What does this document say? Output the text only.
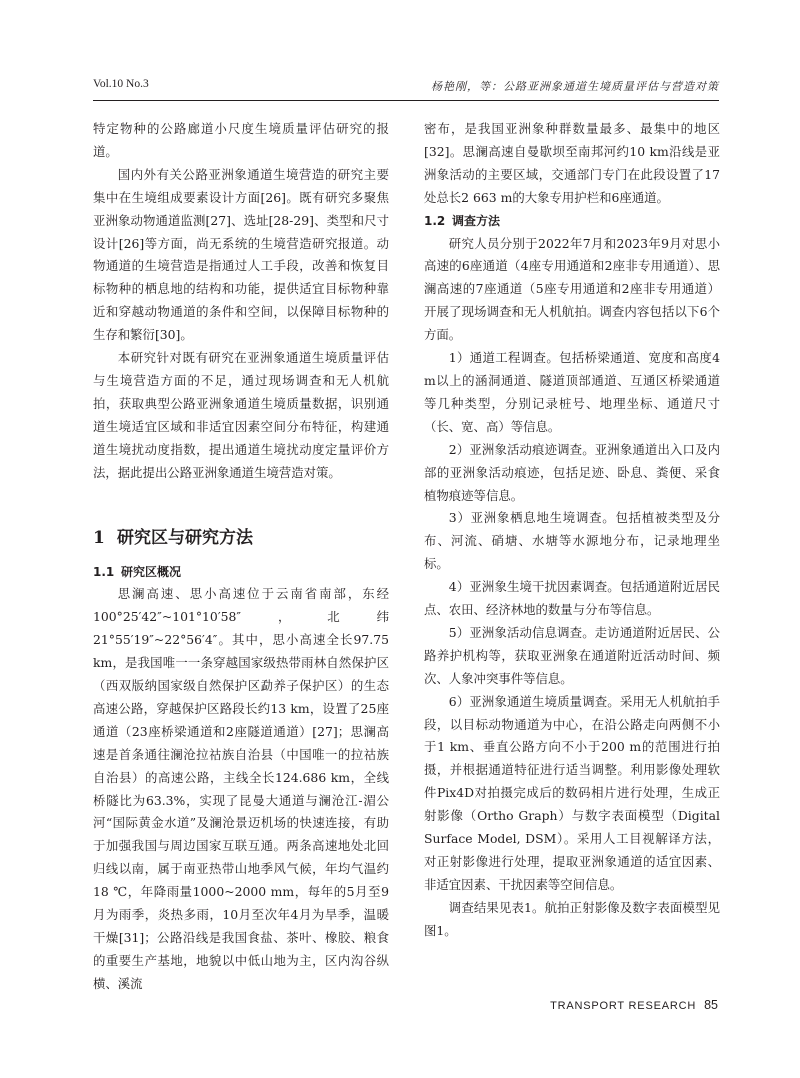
Vol.10 No.3	杨艳刚，等：公路亚洲象通道生境质量评估与营造对策

特定物种的公路廊道小尺度生境质量评估研究的报道。

国内外有关公路亚洲象通道生境营造的研究主要集中在生境组成要素设计方面[26]。既有研究多聚焦亚洲象动物通道监测[27]、选址[28-29]、类型和尺寸设计[26]等方面，尚无系统的生境营造研究报道。动物通道的生境营造是指通过人工手段，改善和恢复目标物种的栖息地的结构和功能，提供适宜目标物种靠近和穿越动物通道的条件和空间，以保障目标物种的生存和繁衍[30]。

本研究针对既有研究在亚洲象通道生境质量评估与生境营造方面的不足，通过现场调查和无人机航拍，获取典型公路亚洲象通道生境质量数据，识别通道生境适宜区域和非适宜因素空间分布特征，构建通道生境扰动度指数，提出通道生境扰动度定量评价方法，据此提出公路亚洲象通道生境营造对策。

1 研究区与研究方法
1.1 研究区概况

思澜高速、思小高速位于云南省南部，东经100°25′42″~101°10′58″，北纬21°55′19″~22°56′4″。其中，思小高速全长97.75 km，是我国唯一一条穿越国家级热带雨林自然保护区（西双版纳国家级自然保护区勐养子保护区）的生态高速公路，穿越保护区路段长约13 km，设置了25座通道（23座桥梁通道和2座隧道通道）[27]；思澜高速是首条通往澜沧拉祜族自治县（中国唯一的拉祜族自治县）的高速公路，主线全长124.686 km，全线桥隧比为63.3%，实现了昆曼大通道与澜沧江-湄公河“国际黄金水道”及澜沧景迈机场的快速连接，有助于加强我国与周边国家互联互通。两条高速地处北回归线以南，属于南亚热带山地季风气候，年均气温约18 ℃，年降雨量1000~2000 mm，每年的5月至9月为雨季，炎热多雨，10月至次年4月为旱季，温暖干燥[31]；公路沿线是我国食盐、茶叶、橡胶、粮食的重要生产基地，地貌以中低山地为主，区内沟谷纵横、溪流

密布，是我国亚洲象种群数量最多、最集中的地区[32]。思澜高速自曼歇坝至南邦河约10 km沿线是亚洲象活动的主要区域，交通部门专门在此段设置了17处总长2 663 m的大象专用护栏和6座通道。

1.2 调查方法

研究人员分别于2022年7月和2023年9月对思小高速的6座通道（4座专用通道和2座非专用通道）、思澜高速的7座通道（5座专用通道和2座非专用通道）开展了现场调查和无人机航拍。调查内容包括以下6个方面。

1）通道工程调查。包括桥梁通道、宽度和高度4 m以上的涵洞通道、隧道顶部通道、互通区桥梁通道等几种类型，分别记录桩号、地理坐标、通道尺寸（长、宽、高）等信息。

2）亚洲象活动痕迹调查。亚洲象通道出入口及内部的亚洲象活动痕迹，包括足迹、卧息、粪便、采食植物痕迹等信息。

3）亚洲象栖息地生境调查。包括植被类型及分布、河流、硝塘、水塘等水源地分布，记录地理坐标。

4）亚洲象生境干扰因素调查。包括通道附近居民点、农田、经济林地的数量与分布等信息。

5）亚洲象活动信息调查。走访通道附近居民、公路养护机构等，获取亚洲象在通道附近活动时间、频次、人象冲突事件等信息。

6）亚洲象通道生境质量调查。采用无人机航拍手段，以目标动物通道为中心，在沿公路走向两侧不小于1 km、垂直公路方向不小于200 m的范围进行拍摄，并根据通道特征进行适当调整。利用影像处理软件Pix4D对拍摄完成后的数码相片进行处理，生成正射影像（Ortho Graph）与数字表面模型（Digital Surface Model, DSM）。采用人工目视解译方法，对正射影像进行处理，提取亚洲象通道的适宜因素、非适宜因素、干扰因素等空间信息。

调查结果见表1。航拍正射影像及数字表面模型见图1。

TRANSPORT RESEARCH 85
